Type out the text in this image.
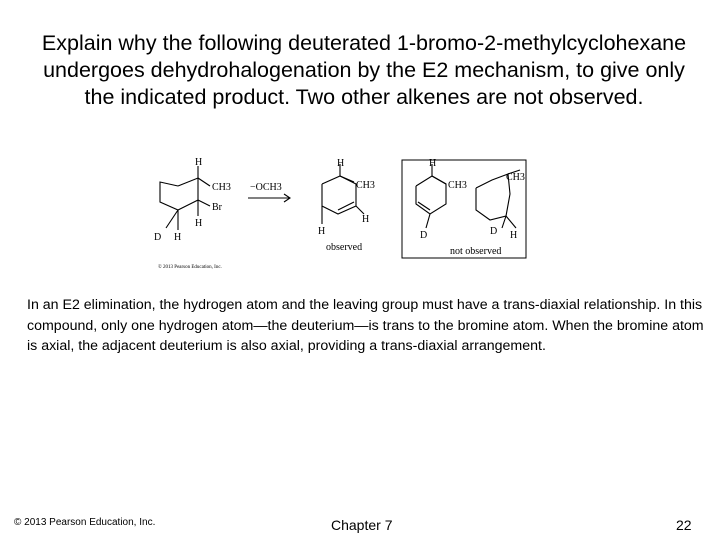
Explain why the following deuterated 1-bromo-2-methylcyclohexane undergoes dehydrohalogenation by the E2 mechanism, to give only the indicated product. Two other alkenes are not observed.
H
CH3
Br
H
D H
−OCH3
H
CH3
H
H
observed
H
CH3
D
CH3
D H
not observed
© 2013 Pearson Education, Inc.
In an E2 elimination, the hydrogen atom and the leaving group must have a trans-diaxial relationship. In this compound, only one hydrogen atom—the deuterium—is trans to the bromine atom. When the bromine atom is axial, the adjacent deuterium is also axial, providing a trans-diaxial arrangement.
© 2013 Pearson Education, Inc.	Chapter 7	22
